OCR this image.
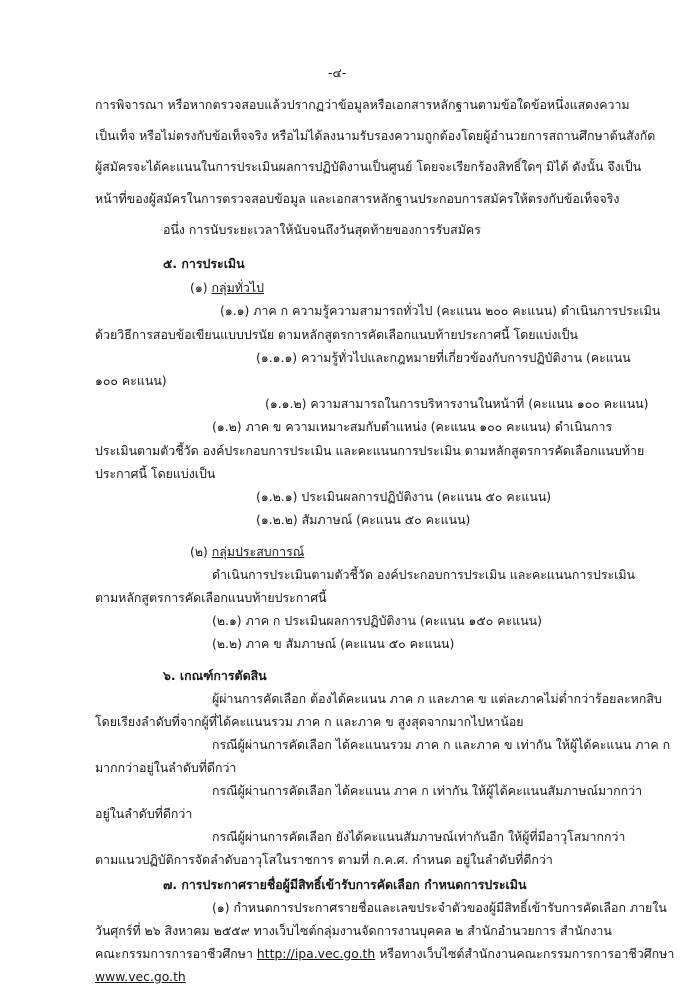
-๔-
การพิจารณา หรือหากตรวจสอบแล้วปรากฏว่าข้อมูลหรือเอกสารหลักฐานตามข้อใดข้อหนึ่งแสดงความ
เป็นเท็จ หรือไม่ตรงกับข้อเท็จจริง หรือไม่ได้ลงนามรับรองความถูกต้องโดยผู้อำนวยการสถานศึกษาต้นสังกัด
ผู้สมัครจะได้คะแนนในการประเมินผลการปฏิบัติงานเป็นศูนย์ โดยจะเรียกร้องสิทธิ์ใดๆ มิได้ ดังนั้น จึงเป็น
หน้าที่ของผู้สมัครในการตรวจสอบข้อมูล และเอกสารหลักฐานประกอบการสมัครให้ตรงกับข้อเท็จจริง
อนึ่ง การนับระยะเวลาให้นับจนถึงวันสุดท้ายของการรับสมัคร
๕. การประเมิน
(๑) กลุ่มทั่วไป
(๑.๑) ภาค ก ความรู้ความสามารถทั่วไป (คะแนน ๒๐๐ คะแนน) ดำเนินการประเมิน
ด้วยวิธีการสอบข้อเขียนแบบปรนัย ตามหลักสูตรการคัดเลือกแนบท้ายประกาศนี้ โดยแบ่งเป็น
(๑.๑.๑) ความรู้ทั่วไปและกฎหมายที่เกี่ยวข้องกับการปฏิบัติงาน (คะแนน
๑๐๐ คะแนน)
(๑.๑.๒) ความสามารถในการบริหารงานในหน้าที่ (คะแนน ๑๐๐ คะแนน)
(๑.๒) ภาค ข ความเหมาะสมกับตำแหน่ง (คะแนน ๑๐๐ คะแนน) ดำเนินการ
ประเมินตามตัวชี้วัด องค์ประกอบการประเมิน และคะแนนการประเมิน ตามหลักสูตรการคัดเลือกแนบท้าย
ประกาศนี้ โดยแบ่งเป็น
(๑.๒.๑) ประเมินผลการปฏิบัติงาน (คะแนน ๕๐ คะแนน)
(๑.๒.๒) สัมภาษณ์ (คะแนน ๕๐ คะแนน)
(๒) กลุ่มประสบการณ์
ดำเนินการประเมินตามตัวชี้วัด องค์ประกอบการประเมิน และคะแนนการประเมิน
ตามหลักสูตรการคัดเลือกแนบท้ายประกาศนี้
(๒.๑) ภาค ก ประเมินผลการปฏิบัติงาน (คะแนน ๑๕๐ คะแนน)
(๒.๒) ภาค ข สัมภาษณ์ (คะแนน ๕๐ คะแนน)
๖. เกณฑ์การตัดสิน
ผู้ผ่านการคัดเลือก ต้องได้คะแนน ภาค ก และภาค ข แต่ละภาคไม่ต่ำกว่าร้อยละหกสิบ
โดยเรียงลำดับที่จากผู้ที่ได้คะแนนรวม ภาค ก และภาค ข สูงสุดจากมากไปหาน้อย
กรณีผู้ผ่านการคัดเลือก ได้คะแนนรวม ภาค ก และภาค ข เท่ากัน ให้ผู้ได้คะแนน ภาค ก
มากกว่าอยู่ในลำดับที่ดีกว่า
กรณีผู้ผ่านการคัดเลือก ได้คะแนน ภาค ก เท่ากัน ให้ผู้ได้คะแนนสัมภาษณ์มากกว่า
อยู่ในลำดับที่ดีกว่า
กรณีผู้ผ่านการคัดเลือก ยังได้คะแนนสัมภาษณ์เท่ากันอีก ให้ผู้ที่มีอาวุโสมากกว่า
ตามแนวปฏิบัติการจัดลำดับอาวุโสในราชการ ตามที่ ก.ค.ศ. กำหนด อยู่ในลำดับที่ดีกว่า
๗. การประกาศรายชื่อผู้มีสิทธิ์เข้ารับการคัดเลือก กำหนดการประเมิน
(๑) กำหนดการประกาศรายชื่อและเลขประจำตัวของผู้มีสิทธิ์เข้ารับการคัดเลือก ภายใน
วันศุกร์ที่ ๒๖ สิงหาคม ๒๕๕๙ ทางเว็บไซต์กลุ่มงานจัดการงานบุคคล ๒ สำนักอำนวยการ สำนักงาน
คณะกรรมการการอาชีวศึกษา http://ipa.vec.go.th หรือทางเว็บไซต์สำนักงานคณะกรรมการการอาชีวศึกษา
www.vec.go.th
